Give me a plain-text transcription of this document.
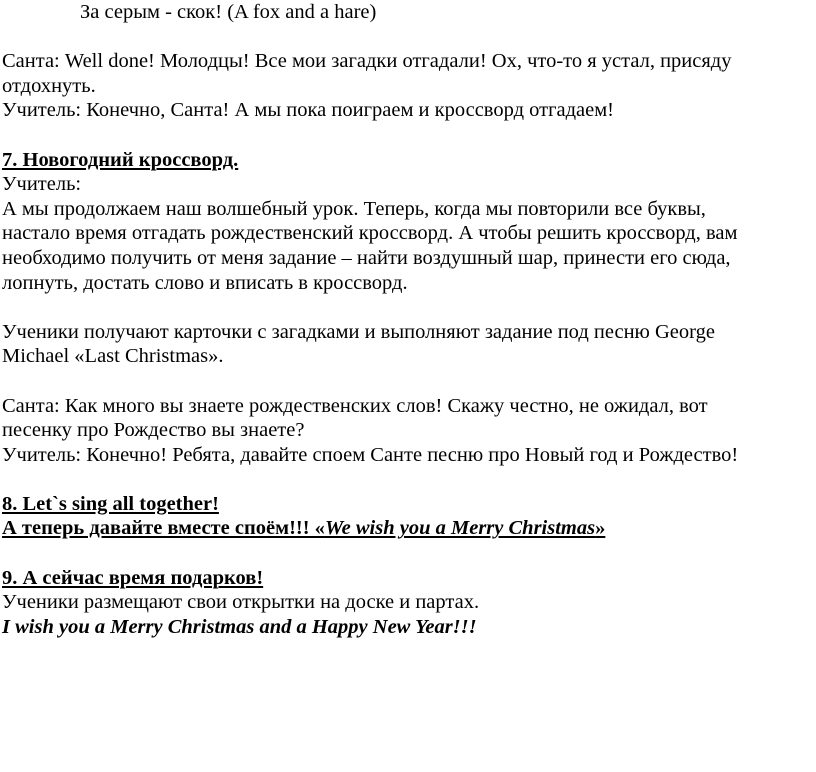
За серым - скок! (A fox and a hare)
Санта: Well done! Молодцы! Все мои загадки отгадали! Ох, что-то я устал, присяду
отдохнуть.
Учитель: Конечно, Санта! А мы пока поиграем и кроссворд отгадаем!
7. Новогодний кроссворд.
Учитель:
А мы продолжаем наш волшебный урок. Теперь, когда мы повторили все буквы,
настало время отгадать рождественский кроссворд. А чтобы решить кроссворд, вам
необходимо получить от меня задание – найти воздушный шар, принести его сюда,
лопнуть, достать слово и вписать в кроссворд.
Ученики получают карточки с загадками и выполняют задание под песню George
Michael «Last Christmas».
Санта: Как много вы знаете рождественских слов! Скажу честно, не ожидал, вот
песенку про Рождество вы знаете?
Учитель: Конечно! Ребята, давайте споем Санте песню про Новый год и Рождество!
8. Let`s sing all together!
А теперь давайте вместе споём!!! «We wish you a Merry Christmas»
9. А сейчас время подарков!
Ученики размещают свои открытки на доске и партах.
I wish you a Merry Christmas and a Happy New Year!!!
